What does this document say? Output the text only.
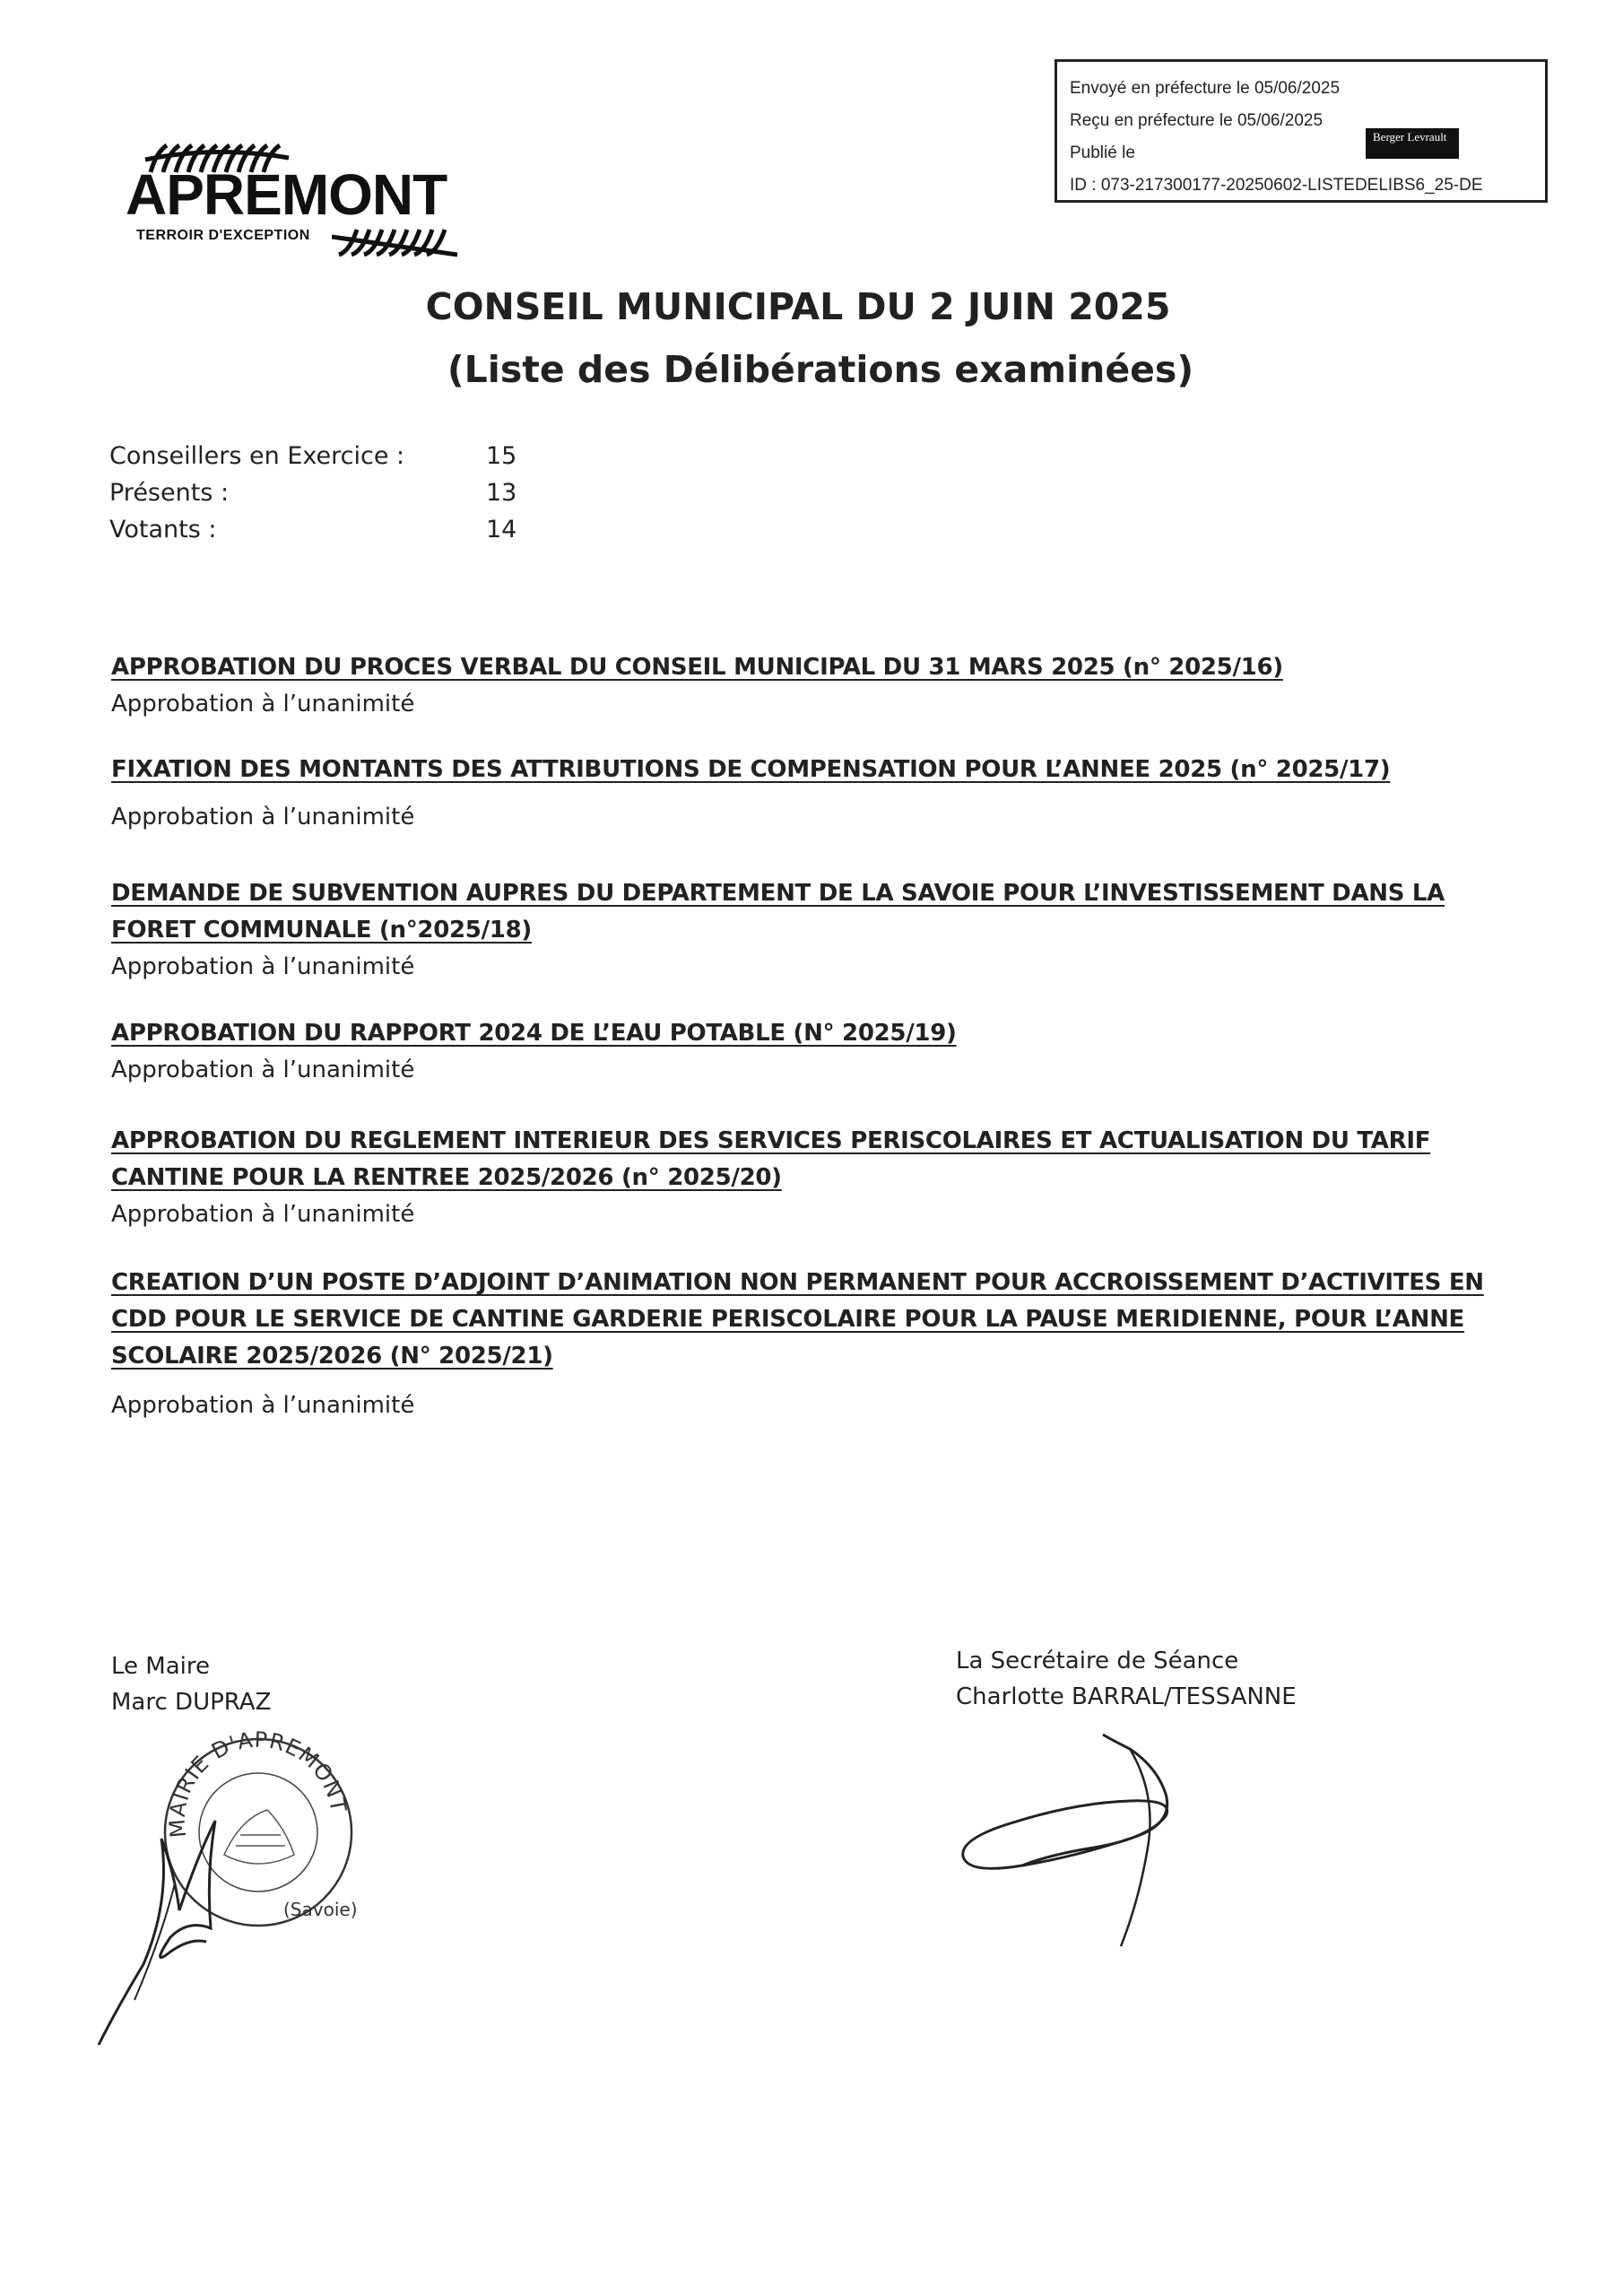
Envoyé en préfecture le 05/06/2025
Reçu en préfecture le 05/06/2025
Publié le
ID : 073-217300177-20250602-LISTEDELIBS6_25-DE
Berger Levrault
APREMONT
TERROIR D'EXCEPTION
CONSEIL MUNICIPAL DU 2 JUIN 2025
(Liste des Délibérations examinées)
Conseillers en Exercice :	15
Présents :	13
Votants :	14
APPROBATION DU PROCES VERBAL DU CONSEIL MUNICIPAL DU 31 MARS 2025 (n° 2025/16)
Approbation à l’unanimité
FIXATION DES MONTANTS DES ATTRIBUTIONS DE COMPENSATION POUR L’ANNEE 2025 (n° 2025/17)
Approbation à l’unanimité
DEMANDE DE SUBVENTION AUPRES DU DEPARTEMENT DE LA SAVOIE POUR L’INVESTISSEMENT DANS LA FORET COMMUNALE (n°2025/18)
Approbation à l’unanimité
APPROBATION DU RAPPORT 2024 DE L’EAU POTABLE (N° 2025/19)
Approbation à l’unanimité
APPROBATION DU REGLEMENT INTERIEUR DES SERVICES PERISCOLAIRES ET ACTUALISATION DU TARIF CANTINE POUR LA RENTREE 2025/2026 (n° 2025/20)
Approbation à l’unanimité
CREATION D’UN POSTE D’ADJOINT D’ANIMATION NON PERMANENT POUR ACCROISSEMENT D’ACTIVITES EN CDD POUR LE SERVICE DE CANTINE GARDERIE PERISCOLAIRE POUR LA PAUSE MERIDIENNE, POUR L’ANNE SCOLAIRE 2025/2026 (N° 2025/21)
Approbation à l’unanimité
Le Maire
Marc DUPRAZ
La Secrétaire de Séance
Charlotte BARRAL/TESSANNE
MAIRIE D'APREMONT
(Savoie)
